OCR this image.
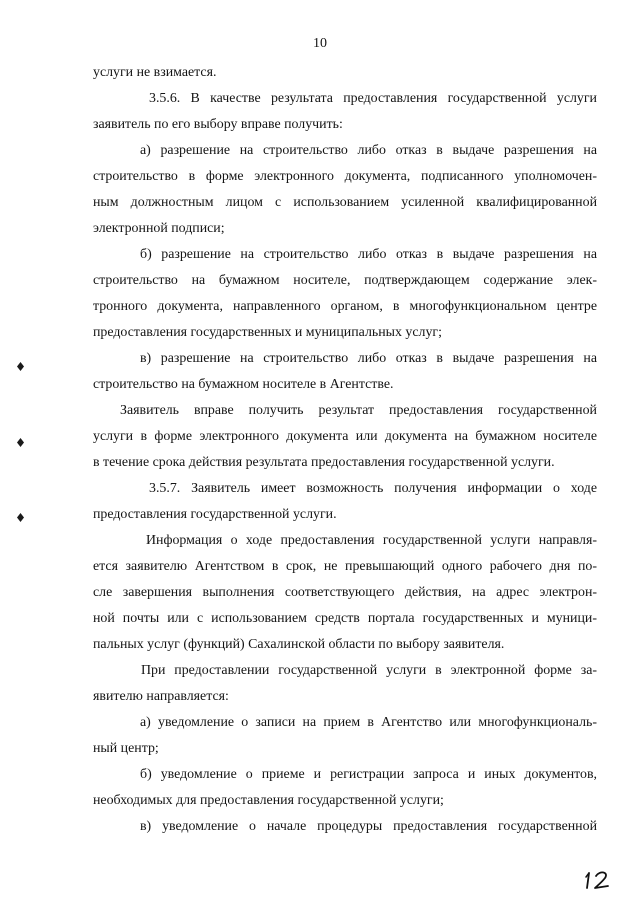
10
услуги не взимается.
3.5.6. В качестве результата предоставления государственной услуги
заявитель по его выбору вправе получить:
а) разрешение на строительство либо отказ в выдаче разрешения на
строительство в форме электронного документа, подписанного уполномочен-
ным должностным лицом с использованием усиленной квалифицированной
электронной подписи;
б) разрешение на строительство либо отказ в выдаче разрешения на
строительство на бумажном носителе, подтверждающем содержание элек-
тронного документа, направленного органом, в многофункциональном центре
предоставления государственных и муниципальных услуг;
в) разрешение на строительство либо отказ в выдаче разрешения на
строительство на бумажном носителе в Агентстве.
Заявитель вправе получить результат предоставления государственной
услуги в форме электронного документа или документа на бумажном носителе
в течение срока действия результата предоставления государственной услуги.
3.5.7. Заявитель имеет возможность получения информации о ходе
предоставления государственной услуги.
Информация о ходе предоставления государственной услуги направля-
ется заявителю Агентством в срок, не превышающий одного рабочего дня по-
сле завершения выполнения соответствующего действия, на адрес электрон-
ной почты или с использованием средств портала государственных и муници-
пальных услуг (функций) Сахалинской области по выбору заявителя.
При предоставлении государственной услуги в электронной форме за-
явителю направляется:
а) уведомление о записи на прием в Агентство или многофункциональ-
ный центр;
б) уведомление о приеме и регистрации запроса и иных документов,
необходимых для предоставления государственной услуги;
в) уведомление о начале процедуры предоставления государственной
